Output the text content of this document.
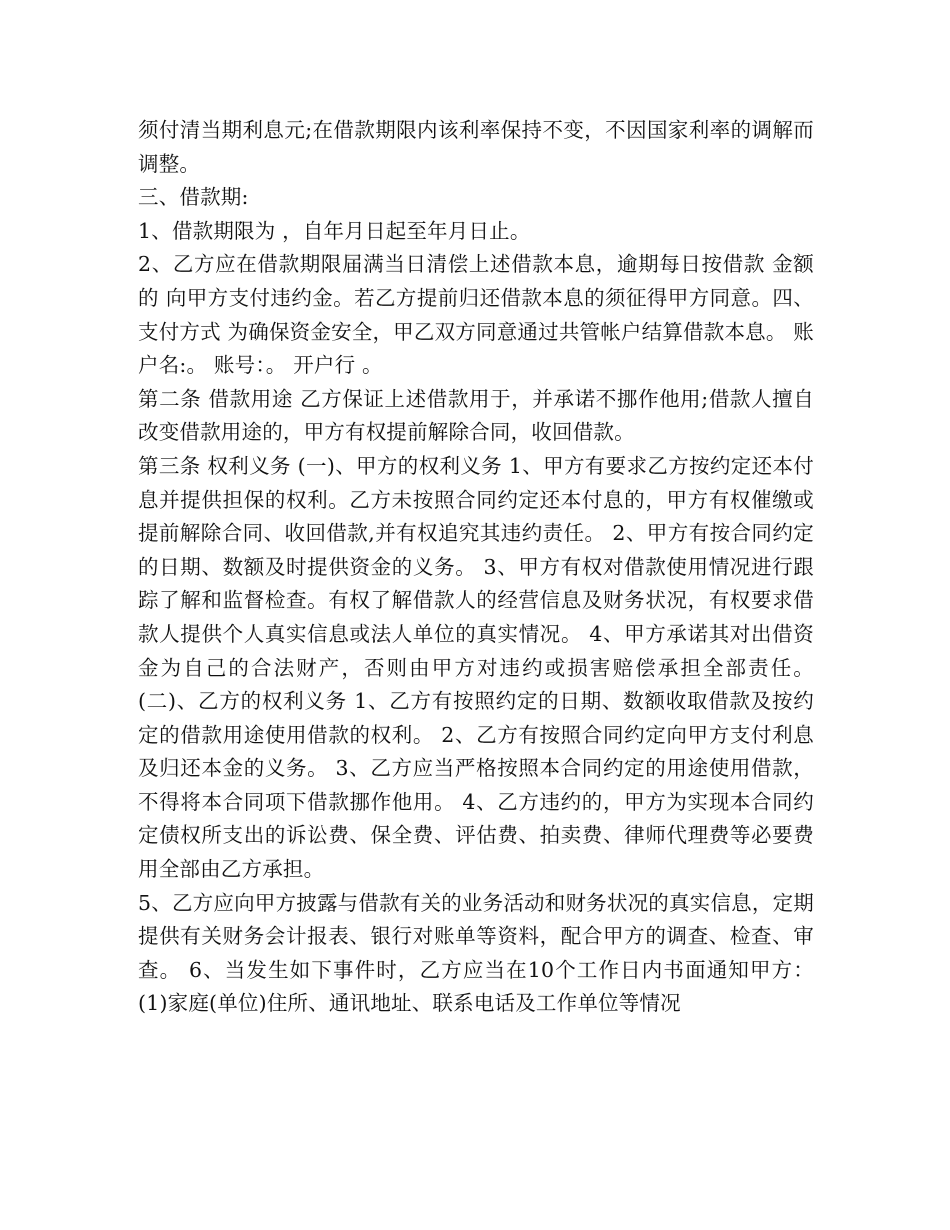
须付清当期利息元;在借款期限内该利率保持不变，不因国家利率的调解而调整。

三、借款期:

1、借款期限为 ，自年月日起至年月日止。

2、乙方应在借款期限届满当日清偿上述借款本息，逾期每日按借款 金额的 向甲方支付违约金。若乙方提前归还借款本息的须征得甲方同意。四、支付方式 为确保资金安全，甲乙双方同意通过共管帐户结算借款本息。 账户名:。 账号：。 开户行 。

第二条 借款用途 乙方保证上述借款用于，并承诺不挪作他用;借款人擅自改变借款用途的，甲方有权提前解除合同，收回借款。

第三条 权利义务 (一)、甲方的权利义务 1、甲方有要求乙方按约定还本付息并提供担保的权利。乙方未按照合同约定还本付息的，甲方有权催缴或提前解除合同、收回借款,并有权追究其违约责任。 2、甲方有按合同约定的日期、数额及时提供资金的义务。 3、甲方有权对借款使用情况进行跟踪了解和监督检查。有权了解借款人的经营信息及财务状况，有权要求借款人提供个人真实信息或法人单位的真实情况。 4、甲方承诺其对出借资金为自己的合法财产，否则由甲方对违约或损害赔偿承担全部责任。 (二)、乙方的权利义务 1、乙方有按照约定的日期、数额收取借款及按约定的借款用途使用借款的权利。 2、乙方有按照合同约定向甲方支付利息及归还本金的义务。 3、乙方应当严格按照本合同约定的用途使用借款，不得将本合同项下借款挪作他用。 4、乙方违约的，甲方为实现本合同约定债权所支出的诉讼费、保全费、评估费、拍卖费、律师代理费等必要费用全部由乙方承担。

5、乙方应向甲方披露与借款有关的业务活动和财务状况的真实信息，定期提供有关财务会计报表、银行对账单等资料，配合甲方的调查、检查、审查。 6、当发生如下事件时，乙方应当在10个工作日内书面通知甲方： (1)家庭(单位)住所、通讯地址、联系电话及工作单位等情况
